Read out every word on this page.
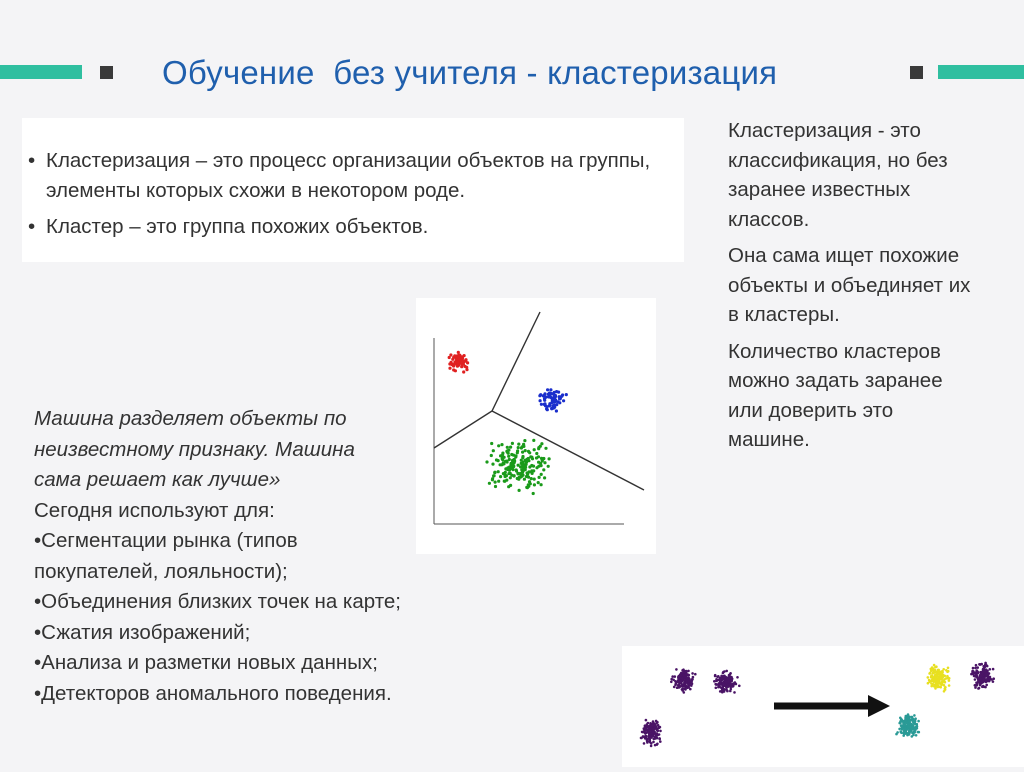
Обучение  без учителя - кластеризация
• Кластеризация – это процесс организации объектов на группы, элементы которых схожи в некотором роде.
• Кластер – это группа похожих объектов.

Кластеризация - это классификация, но без заранее известных классов.

Она сама ищет похожие объекты и объединяет их в кластеры.

Количество кластеров можно задать заранее или доверить это машине.

Машина разделяет объекты по
неизвестному признаку. Машина
сама решает как лучше»
Сегодня используют для:
•Сегментации рынка (типов
покупателей, лояльности);
•Объединения близких точек на карте;
•Сжатия изображений;
•Анализа и разметки новых данных;
•Детекторов аномального поведения.
